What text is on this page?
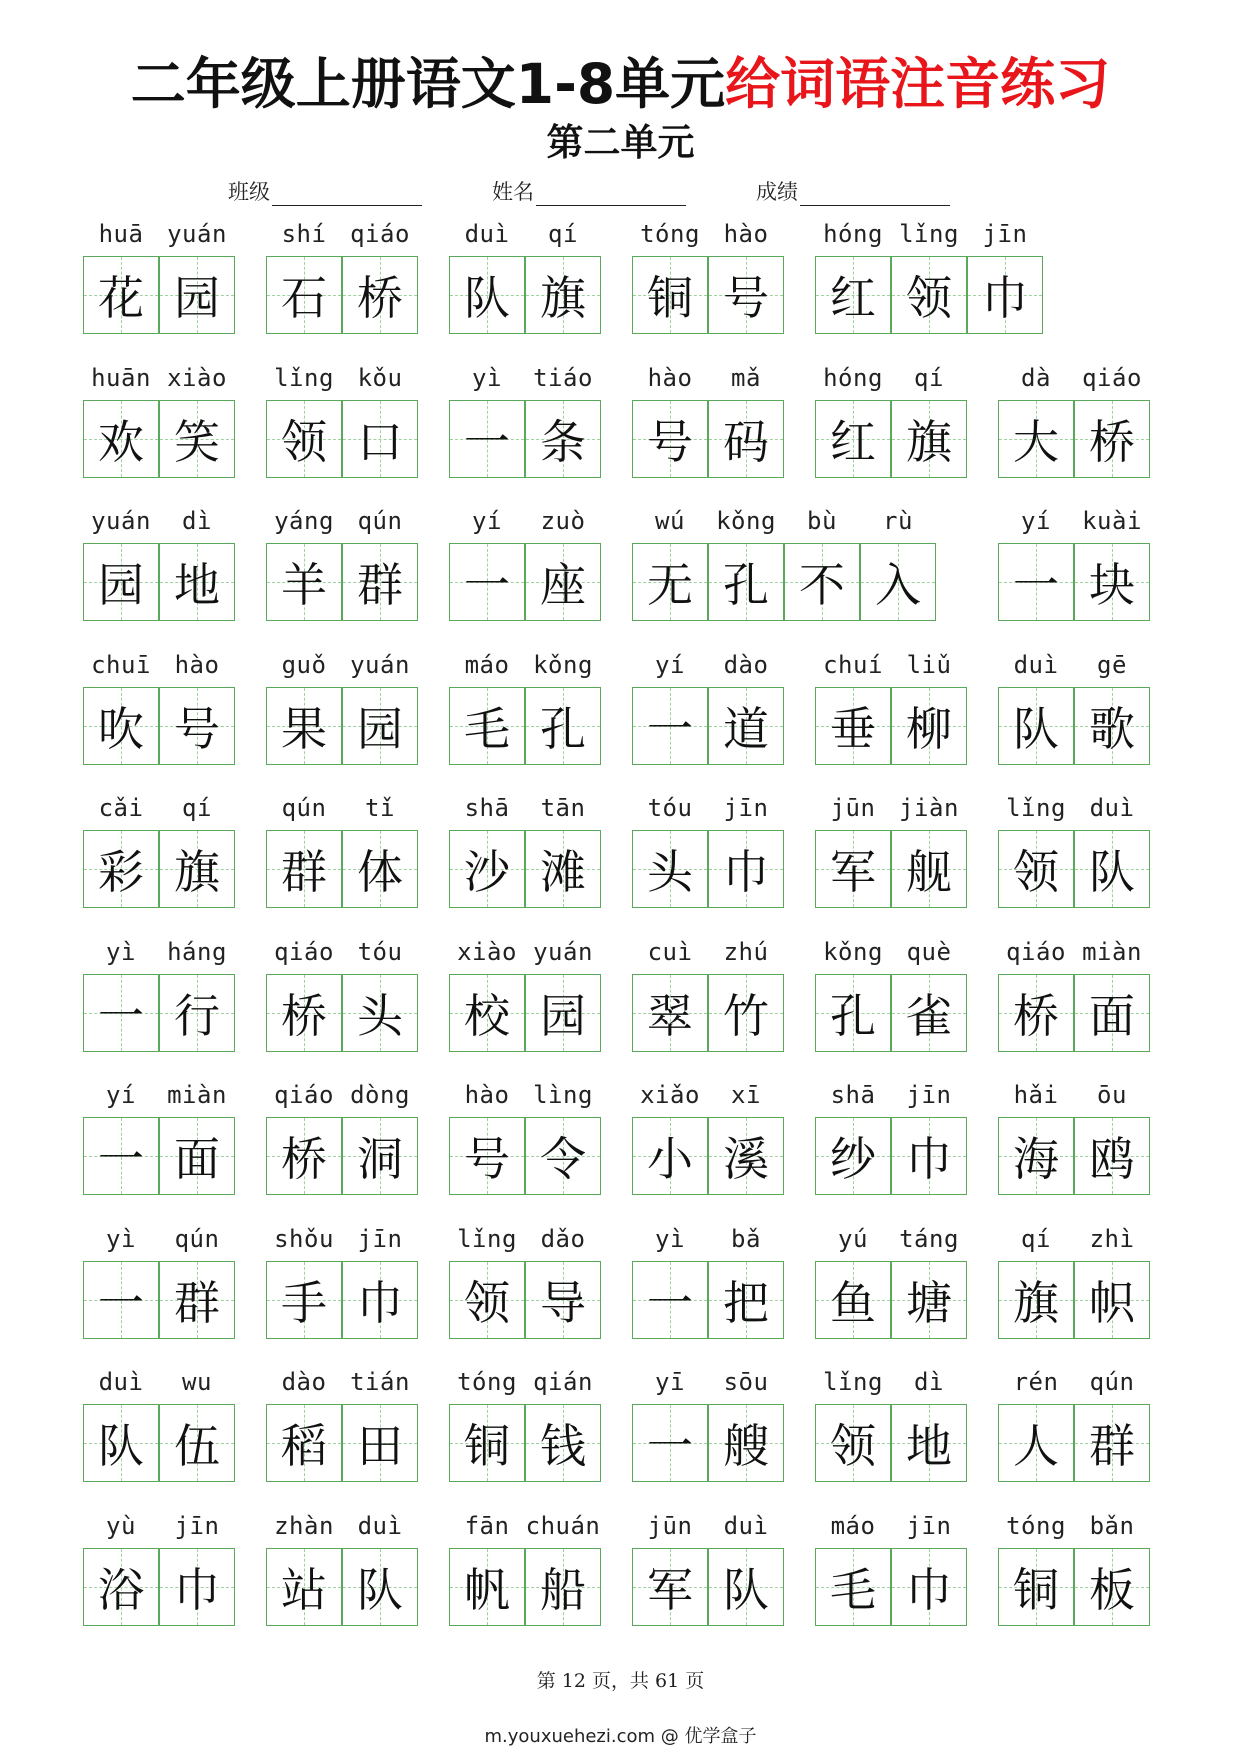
二年级上册语文1-8单元给词语注音练习
第二单元
班级	姓名	成绩
huā
花
yuán
园
shí
石
qiáo
桥
duì
队
qí
旗
tóng
铜
hào
号
hóng
红
lǐng
领
jīn
巾
huān
欢
xiào
笑
lǐng
领
kǒu
口
yì
一
tiáo
条
hào
号
mǎ
码
hóng
红
qí
旗
dà
大
qiáo
桥
yuán
园
dì
地
yáng
羊
qún
群
yí
一
zuò
座
wú
无
kǒng
孔
bù
不
rù
入
yí
一
kuài
块
chuī
吹
hào
号
guǒ
果
yuán
园
máo
毛
kǒng
孔
yí
一
dào
道
chuí
垂
liǔ
柳
duì
队
gē
歌
cǎi
彩
qí
旗
qún
群
tǐ
体
shā
沙
tān
滩
tóu
头
jīn
巾
jūn
军
jiàn
舰
lǐng
领
duì
队
yì
一
háng
行
qiáo
桥
tóu
头
xiào
校
yuán
园
cuì
翠
zhú
竹
kǒng
孔
què
雀
qiáo
桥
miàn
面
yí
一
miàn
面
qiáo
桥
dòng
洞
hào
号
lìng
令
xiǎo
小
xī
溪
shā
纱
jīn
巾
hǎi
海
ōu
鸥
yì
一
qún
群
shǒu
手
jīn
巾
lǐng
领
dǎo
导
yì
一
bǎ
把
yú
鱼
táng
塘
qí
旗
zhì
帜
duì
队
wu
伍
dào
稻
tián
田
tóng
铜
qián
钱
yī
一
sōu
艘
lǐng
领
dì
地
rén
人
qún
群
yù
浴
jīn
巾
zhàn
站
duì
队
fān
帆
chuán
船
jūn
军
duì
队
máo
毛
jīn
巾
tóng
铜
bǎn
板
第 12 页，共 61 页
m.youxuehezi.com @ 优学盒子
